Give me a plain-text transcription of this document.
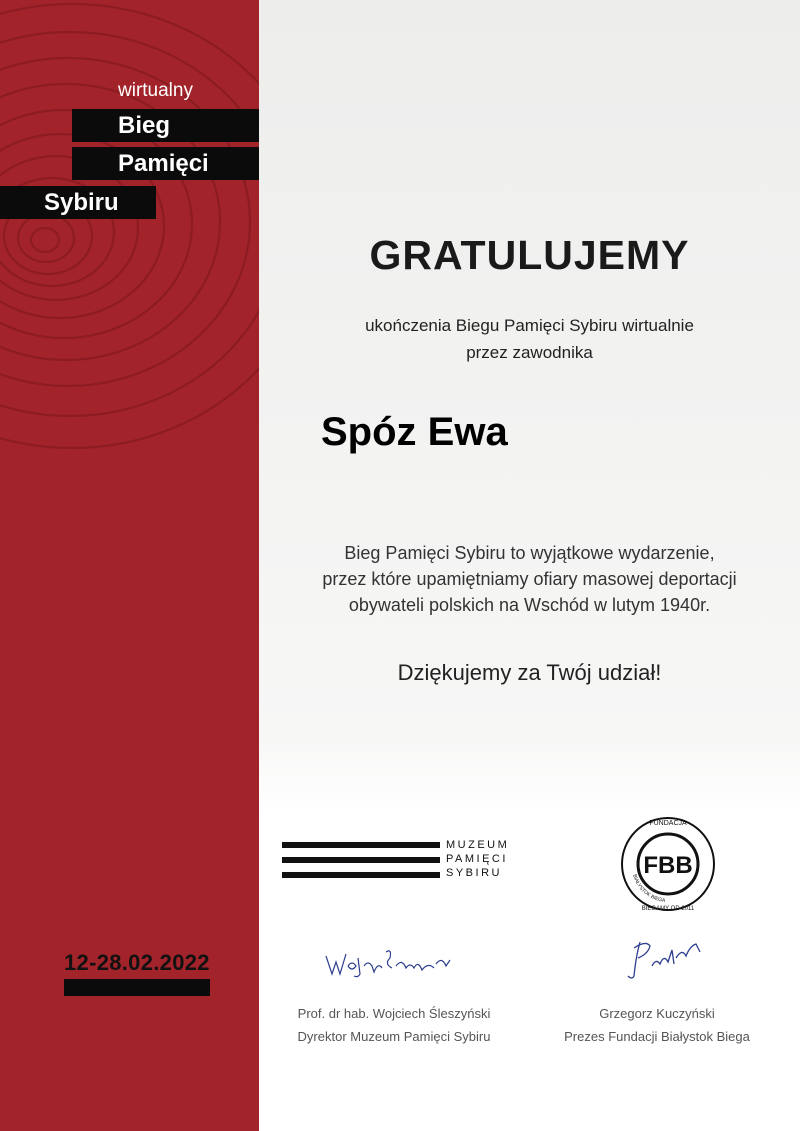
wirtualny
Bieg
Pamięci
Sybiru
12-28.02.2022
GRATULUJEMY
ukończenia Biegu Pamięci Sybiru wirtualnie
przez zawodnika
Spóz Ewa
Bieg Pamięci Sybiru to wyjątkowe wydarzenie,
przez które upamiętniamy ofiary masowej deportacji
obywateli polskich na Wschód w lutym 1940r.
Dziękujemy za Twój udział!
MUZEUM
PAMIĘCI
SYBIRU
FUNDACJA
FBB
BIAŁYSTOK BIEGA
BIEGAMY OD 2011
Prof. dr hab. Wojciech Śleszyński
Dyrektor Muzeum Pamięci Sybiru
Grzegorz Kuczyński
Prezes Fundacji Białystok Biega
